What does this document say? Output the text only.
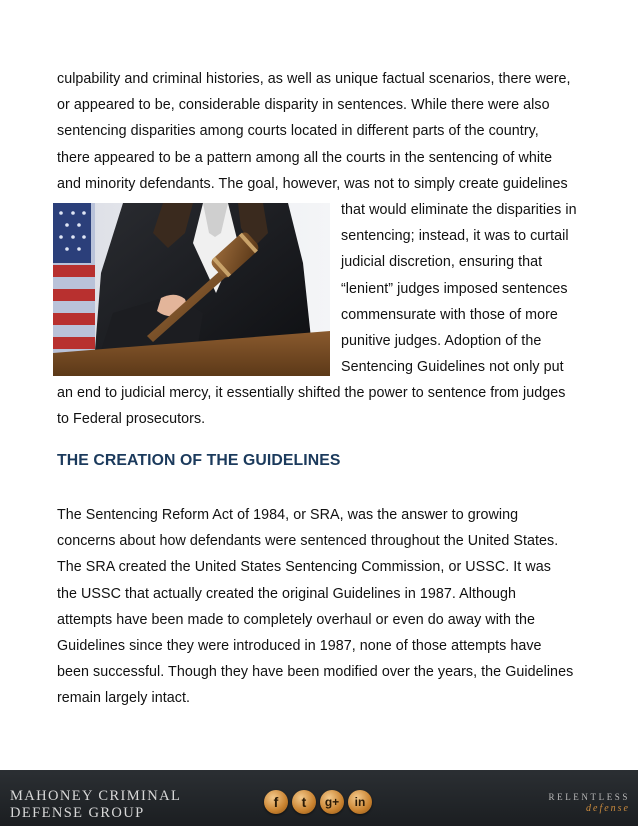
culpability and criminal histories, as well as unique factual scenarios, there were,
or appeared to be, considerable disparity in sentences. While there were also
sentencing disparities among courts located in different parts of the country,
there appeared to be a pattern among all the courts in the sentencing of white
and minority defendants. The goal, however, was not to simply create guidelines
that would eliminate the disparities in
sentencing; instead, it was to curtail
judicial discretion, ensuring that
“lenient” judges imposed sentences
commensurate with those of more
punitive judges. Adoption of the
Sentencing Guidelines not only put
an end to judicial mercy, it essentially shifted the power to sentence from judges
to Federal prosecutors.
THE CREATION OF THE GUIDELINES
The Sentencing Reform Act of 1984, or SRA, was the answer to growing
concerns about how defendants were sentenced throughout the United States.
The SRA created the United States Sentencing Commission, or USSC. It was
the USSC that actually created the original Guidelines in 1987. Although
attempts have been made to completely overhaul or even do away with the
Guidelines since they were introduced in 1987, none of those attempts have
been successful. Though they have been modified over the years, the Guidelines
remain largely intact.
MAHONEY CRIMINAL
DEFENSE GROUP
f	t	g+	in	RELENTLESS
defense
